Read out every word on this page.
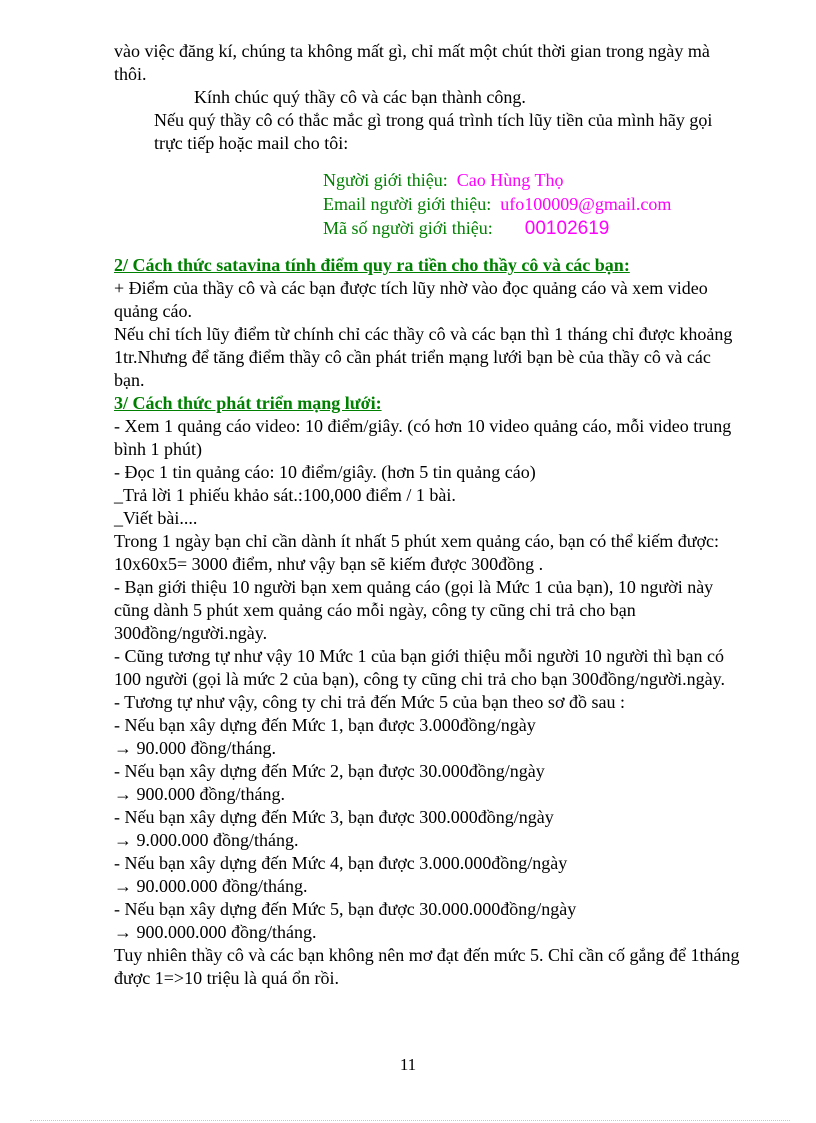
vào việc đăng kí, chúng ta không mất gì, chỉ mất một chút thời gian trong ngày mà thôi.

Kính chúc quý thầy cô và các bạn thành công.

Nếu quý thầy cô có thắc mắc gì trong quá trình tích lũy tiền của mình hãy gọi trực tiếp hoặc mail cho tôi:

Người giới thiệu: Cao Hùng Thọ
Email người giới thiệu: ufo100009@gmail.com
Mã số người giới thiệu: 00102619

2/ Cách thức satavina tính điểm quy ra tiền cho thầy cô và các bạn:

+ Điểm của thầy cô và các bạn được tích lũy nhờ vào đọc quảng cáo và xem video quảng cáo.

Nếu chỉ tích lũy điểm từ chính chỉ các thầy cô và các bạn thì 1 tháng chỉ được khoảng 1tr.Nhưng để tăng điểm thầy cô cần phát triển mạng lưới bạn bè của thầy cô và các bạn.

3/ Cách thức phát triển mạng lưới:

- Xem 1 quảng cáo video: 10 điểm/giây. (có hơn 10 video quảng cáo, mỗi video trung bình 1 phút)

- Đọc 1 tin quảng cáo: 10 điểm/giây. (hơn 5 tin quảng cáo)

_Trả lời 1 phiếu khảo sát.:100,000 điểm / 1 bài.

_Viết bài....

Trong 1 ngày bạn chỉ cần dành ít nhất 5 phút xem quảng cáo, bạn có thể kiếm được: 10x60x5= 3000 điểm, như vậy bạn sẽ kiếm được 300đồng .

- Bạn giới thiệu 10 người bạn xem quảng cáo (gọi là Mức 1 của bạn), 10 người này cũng dành 5 phút xem quảng cáo mỗi ngày, công ty cũng chi trả cho bạn 300đồng/người.ngày.

- Cũng tương tự như vậy 10 Mức 1 của bạn giới thiệu mỗi người 10 người thì bạn có 100 người (gọi là mức 2 của bạn), công ty cũng chi trả cho bạn 300đồng/người.ngày.

- Tương tự như vậy, công ty chi trả đến Mức 5 của bạn theo sơ đồ sau :

- Nếu bạn xây dựng đến Mức 1, bạn được 3.000đồng/ngày

→ 90.000 đồng/tháng.

- Nếu bạn xây dựng đến Mức 2, bạn được 30.000đồng/ngày

→ 900.000 đồng/tháng.

- Nếu bạn xây dựng đến Mức 3, bạn được 300.000đồng/ngày

→ 9.000.000 đồng/tháng.

- Nếu bạn xây dựng đến Mức 4, bạn được 3.000.000đồng/ngày

→ 90.000.000 đồng/tháng.

- Nếu bạn xây dựng đến Mức 5, bạn được 30.000.000đồng/ngày

→ 900.000.000 đồng/tháng.

Tuy nhiên thầy cô và các bạn không nên mơ đạt đến mức 5. Chỉ cần cố gắng để 1tháng được 1=>10 triệu là quá ổn rồi.

11
